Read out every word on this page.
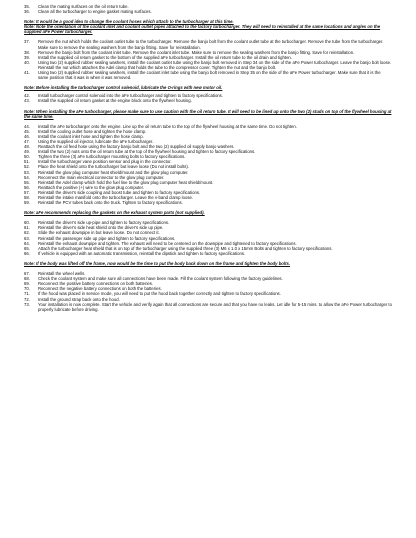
35.	Clean the mating surfaces on the oil return tube.
36.	Clean all the turbocharger to engine gasket mating surfaces.
Note: It would be a good idea to change the coolant hoses which attach to the turbocharger at this time.
Note: Note the orientation of the coolant inlet and coolant outlet pipes attached to the factory turbocharger. They will need to reinstalled at the same locations and angles on the supplied aFe Power turbocharger.
37.	Remove the nut which holds the coolant outlet tube to the turbocharger. Remove the banjo bolt from the coolant outlet tube at the turbocharger. Remove the tube from the turbocharger. Make sure to remove the sealing washers from the banjo fitting. Save for reinstallation.
38.	Remove the banjo bolt from the coolant inlet tube. Remove the coolant inlet tube. Make sure to remove the sealing washers from the banjo fitting. Save for reinstallation.
39.	Install the supplied oil return gasket to the bottom of the supplied aFe turbocharger. Install the oil return tube to the oil drain and tighten.
40.	Using two (2) supplied rubber sealing washers, install the coolant outlet tube using the banjo bolt removed in Step 34 on the side of the aFe Power turbocharger. Leave the banjo bolt loose. Reinstall the nut which attaches the Adel clamp that holds the tube to the compressor cover. Tighten the nut and the banjo bolt.
41.	Using two (2) supplied rubber sealing washers, install the coolant inlet tube using the banjo bolt removed in Step 35 on the side of the aFe Power turbocharger. Make sure that it is the same position that it was in when it was removed.
Note: Before installing the turbocharger control solenoid, lubricate the O-rings with new motor oil.
42.	Install turbocharger control solenoid into the aFe turbocharger and tighten to factory specifications.
43.	Install the supplied oil return gasket at the engine block onto the flywheel housing.
Note: When installing the aFe turbocharger, please make sure to use caution with the oil return tube. It will need to be lined up onto the two (2) studs on top of the flywheel housing at the same time.
44.	Install the aFe turbocharger onto the engine. Line up the oil return tube to the top of the flywheel housing at the same time. Do not tighten.
45.	Install the cooling outlet hose and tighten the hose clamp.
46.	Install the coolant inlet hose and tighten the hose clamp.
47.	Using the supplied oil injector, lubricate the aFe turbocharger.
48.	Reattach the oil feed hose using the factory banjo bolt and the two (2) supplied oil supply banjo washers.
49.	Install the two (2) nuts onto the oil return tube at the top of the flywheel housing and tighten to factory specifications.
50.	Tighten the three (3) aFe turbocharger mounting bolts to factory specifications.
51.	Install the turbocharger vane position sensor and plug in the connector.
52.	Place the heat shield onto the turbocharger but leave loose (Do not install bolts).
53.	Reinstall the glow plug computer heat shield/mount and the glow plug computer.
54.	Reconnect the main electrical connector to the glow plug computer.
55.	Reinstall the Adel clamp which hold the fuel line to the glow plug computer heat shield/mount.
56.	Reattach the positive (+) wire to the glow plug computer.
57.	Reinstall the driver's side coupling and boost tube and tighten to factory specifications.
58.	Reinstall the intake manifold onto the turbocharger. Leave the v-band clamp loose.
59.	Reinstall the PCV tubes back onto the truck. Tighten to factory specifications.
Note: aFe recommends replacing the gaskets on the exhaust system parts (not supplied).
60.	Reinstall the driver's side up-pipe and tighten to factory specifications.
61.	Reinstall the driver's side heat shield onto the driver's side up pipe.
62.	Slide the exhaust downpipe in but leave loose. Do not connect it.
63.	Reinstall the passenger side up pipe and tighten to factory specifications.
64.	Reinstall the exhaust downpipe and tighten. The exhaust will need to be centered on the downpipe and tightened to factory specifications.
65.	Attach the turbocharger heat shield that is on top of the turbocharger using the supplied three (3) M6 x 1.0 x 15mm Bolts and tighten to factory specifications.
66.	If vehicle is equipped with an automatic transmission, reinstall the dipstick and tighten to factory specifications.
Note: If the body was lifted off the frame, now would be the time to put the body back down on the frame and tighten the body bolts.
67.	Reinstall the wheel wells.
68.	Check the coolant system and make sure all connections have been made. Fill the coolant system following the factory guidelines.
69.	Reconnect the positive battery connections on both batteries.
70.	Reconnect the negative battery connections on both the batteries.
71.	If the hood was placed in service mode, you will need to put the hood back together correctly and tighten to factory specifications.
72.	Install the ground strap back onto the hood.
73.	Your installation is now complete. Start the vehicle and verify again that all connections are secure and that you have no leaks. Let idle for 5-15 mins. to allow the aFe Power turbocharger to properly lubricate before driving.
